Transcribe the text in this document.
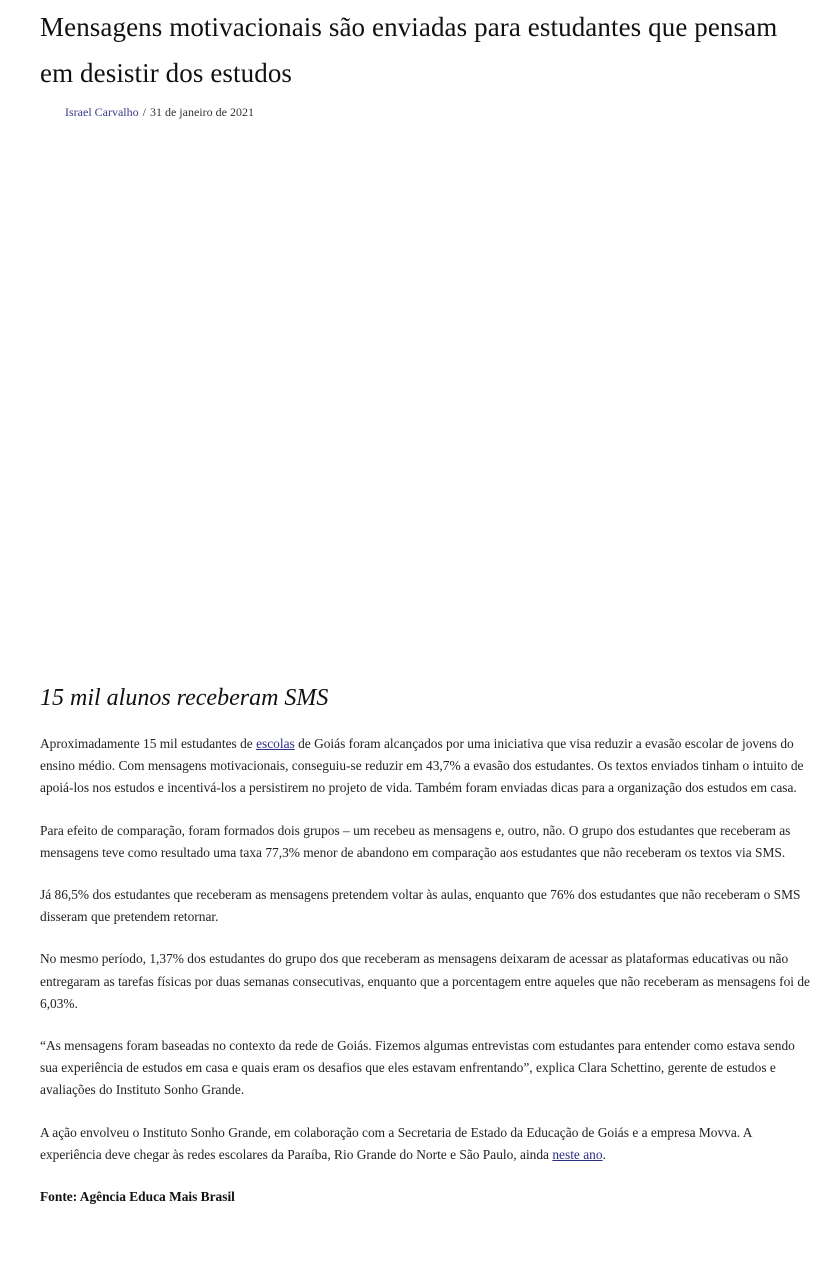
Mensagens motivacionais são enviadas para estudantes que pensam em desistir dos estudos
Israel Carvalho / 31 de janeiro de 2021
15 mil alunos receberam SMS

Aproximadamente 15 mil estudantes de escolas de Goiás foram alcançados por uma iniciativa que visa reduzir a evasão escolar de jovens do ensino médio. Com mensagens motivacionais, conseguiu-se reduzir em 43,7% a evasão dos estudantes. Os textos enviados tinham o intuito de apoiá-los nos estudos e incentivá-los a persistirem no projeto de vida. Também foram enviadas dicas para a organização dos estudos em casa.

Para efeito de comparação, foram formados dois grupos – um recebeu as mensagens e, outro, não. O grupo dos estudantes que receberam as mensagens teve como resultado uma taxa 77,3% menor de abandono em comparação aos estudantes que não receberam os textos via SMS.

Já 86,5% dos estudantes que receberam as mensagens pretendem voltar às aulas, enquanto que 76% dos estudantes que não receberam o SMS disseram que pretendem retornar.

No mesmo período, 1,37% dos estudantes do grupo dos que receberam as mensagens deixaram de acessar as plataformas educativas ou não entregaram as tarefas físicas por duas semanas consecutivas, enquanto que a porcentagem entre aqueles que não receberam as mensagens foi de 6,03%.

“As mensagens foram baseadas no contexto da rede de Goiás. Fizemos algumas entrevistas com estudantes para entender como estava sendo sua experiência de estudos em casa e quais eram os desafios que eles estavam enfrentando”, explica Clara Schettino, gerente de estudos e avaliações do Instituto Sonho Grande.

A ação envolveu o Instituto Sonho Grande, em colaboração com a Secretaria de Estado da Educação de Goiás e a empresa Movva. A experiência deve chegar às redes escolares da Paraíba, Rio Grande do Norte e São Paulo, ainda neste ano.

Fonte: Agência Educa Mais Brasil
